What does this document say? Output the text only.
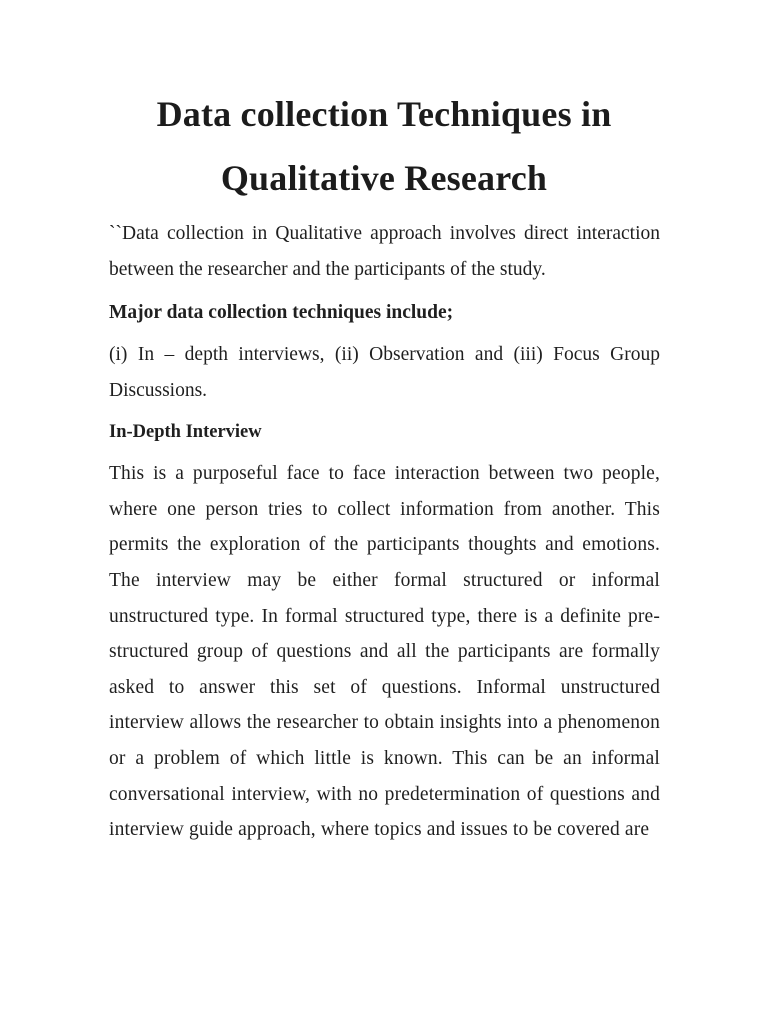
Data collection Techniques in
Qualitative Research

``Data collection in Qualitative approach involves direct interaction between the researcher and the participants of the study.

Major data collection techniques include;

(i) In – depth interviews, (ii) Observation and (iii) Focus Group Discussions.

In-Depth Interview

This is a purposeful face to face interaction between two people, where one person tries to collect information from another. This permits the exploration of the participants thoughts and emotions. The interview may be either formal structured or informal unstructured type. In formal structured type, there is a definite pre-structured group of questions and all the participants are formally asked to answer this set of questions. Informal unstructured interview allows the researcher to obtain insights into a phenomenon or a problem of which little is known. This can be an informal conversational interview, with no predetermination of questions and interview guide approach, where topics and issues to be covered are
